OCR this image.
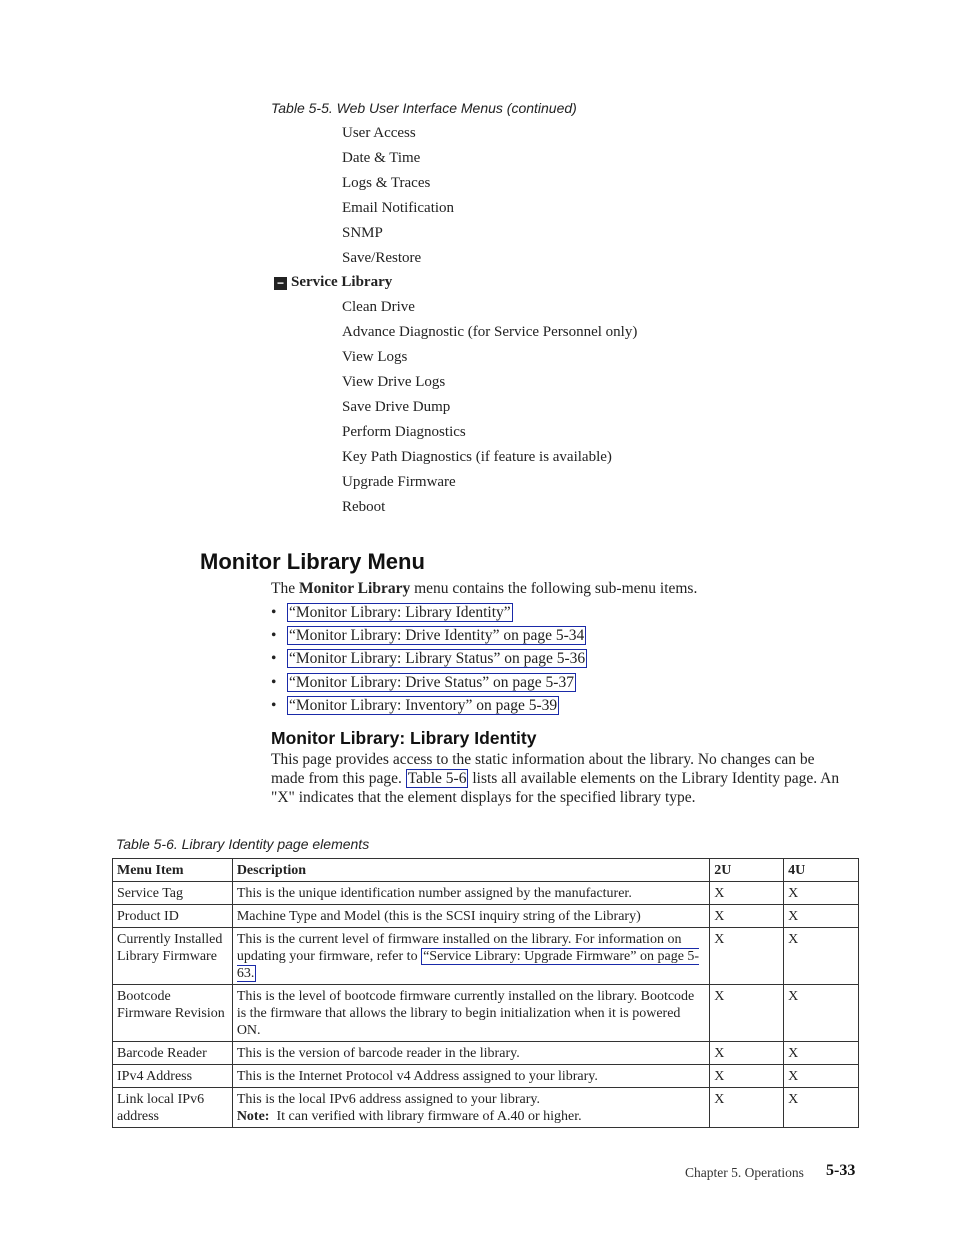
Table 5-5. Web User Interface Menus (continued)
User Access
Date & Time
Logs & Traces
Email Notification
SNMP
Save/Restore
− Service Library
Clean Drive
Advance Diagnostic (for Service Personnel only)
View Logs
View Drive Logs
Save Drive Dump
Perform Diagnostics
Key Path Diagnostics (if feature is available)
Upgrade Firmware
Reboot
Monitor Library Menu
The Monitor Library menu contains the following sub-menu items.
• “Monitor Library: Library Identity”
• “Monitor Library: Drive Identity” on page 5-34
• “Monitor Library: Library Status” on page 5-36
• “Monitor Library: Drive Status” on page 5-37
• “Monitor Library: Inventory” on page 5-39
Monitor Library: Library Identity
This page provides access to the static information about the library. No changes can be made from this page. Table 5-6 lists all available elements on the Library Identity page. An "X" indicates that the element displays for the specified library type.
Table 5-6. Library Identity page elements
Menu Item	Description	2U	4U
Service Tag	This is the unique identification number assigned by the manufacturer.	X	X
Product ID	Machine Type and Model (this is the SCSI inquiry string of the Library)	X	X
Currently Installed Library Firmware	This is the current level of firmware installed on the library. For information on updating your firmware, refer to “Service Library: Upgrade Firmware” on page 5-63.	X	X
Bootcode Firmware Revision	This is the level of bootcode firmware currently installed on the library. Bootcode is the firmware that allows the library to begin initialization when it is powered ON.	X	X
Barcode Reader	This is the version of barcode reader in the library.	X	X
IPv4 Address	This is the Internet Protocol v4 Address assigned to your library.	X	X
Link local IPv6 address	This is the local IPv6 address assigned to your library.
Note:  It can verified with library firmware of A.40 or higher.	X	X
Chapter 5. Operations 5-33
